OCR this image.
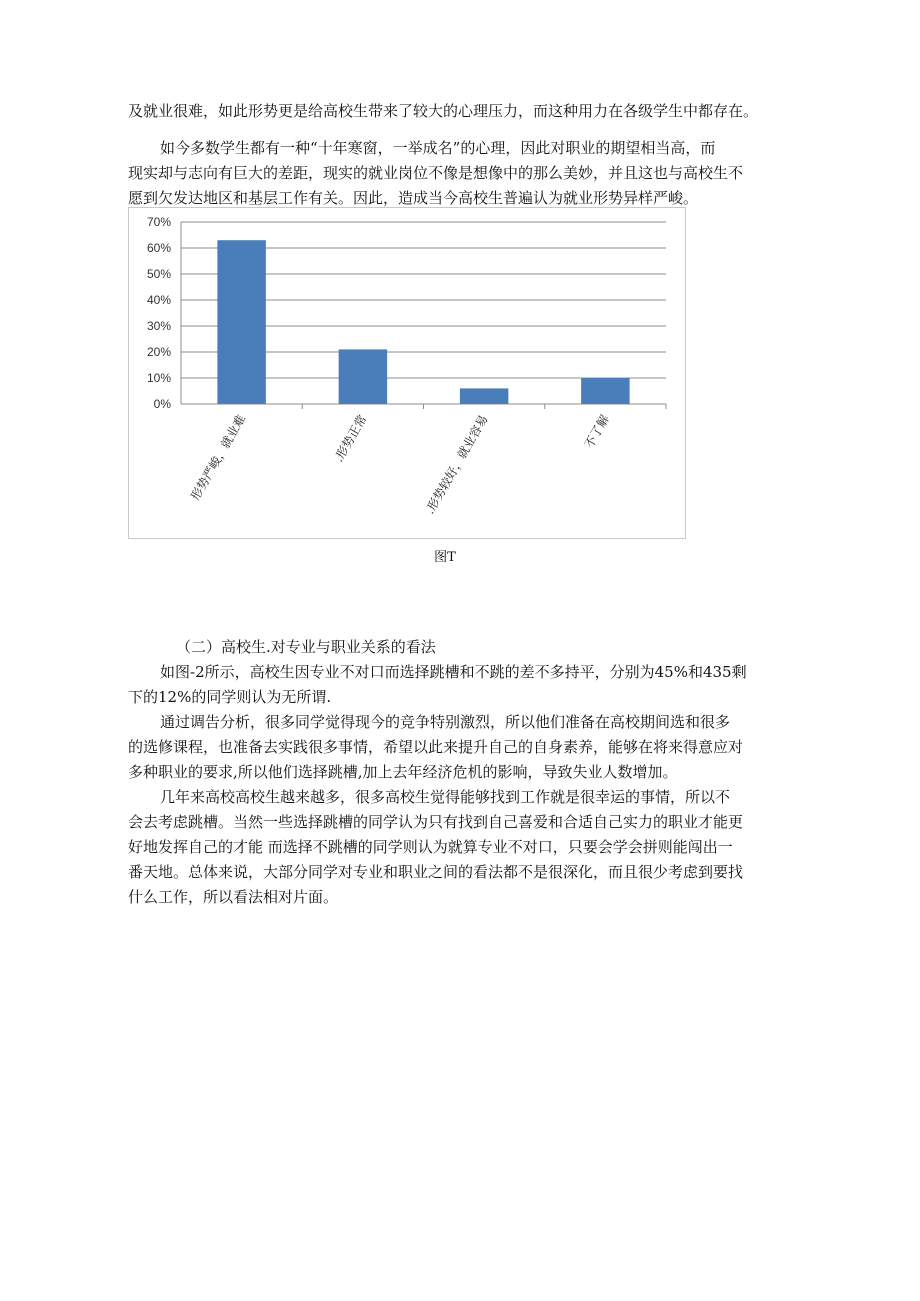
及就业很难，如此形势更是给高校生带来了较大的心理压力，而这种用力在各级学生中都存在。
如今多数学生都有一种“十年寒窗，一举成名”的心理，因此对职业的期望相当高，而
现实却与志向有巨大的差距，现实的就业岗位不像是想像中的那么美妙，并且这也与高校生不
愿到欠发达地区和基层工作有关。因此，造成当今高校生普遍认为就业形势异样严峻。
0%
10%
20%
30%
40%
50%
60%
70%
形势严峻，就业难	.形势正常	.形势较好，就业容易	不了解
图T
（二）高校生.对专业与职业关系的看法
如图-2所示，高校生因专业不对口而选择跳槽和不跳的差不多持平，分别为45%和435剩
下的12%的同学则认为无所谓.
通过调告分析，很多同学觉得现今的竞争特别激烈，所以他们准备在高校期间选和很多
的选修课程，也准备去实践很多事情，希望以此来提升自己的自身素养，能够在将来得意应对
多种职业的要求,所以他们选择跳槽,加上去年经济危机的影响，导致失业人数增加。
几年来高校高校生越来越多，很多高校生觉得能够找到工作就是很幸运的事情，所以不
会去考虑跳槽。当然一些选择跳槽的同学认为只有找到自己喜爱和合适自己实力的职业才能更
好地发挥自己的才能 而选择不跳槽的同学则认为就算专业不对口，只要会学会拼则能闯出一
番天地。总体来说，大部分同学对专业和职业之间的看法都不是很深化，而且很少考虑到要找
什么工作，所以看法相对片面。
